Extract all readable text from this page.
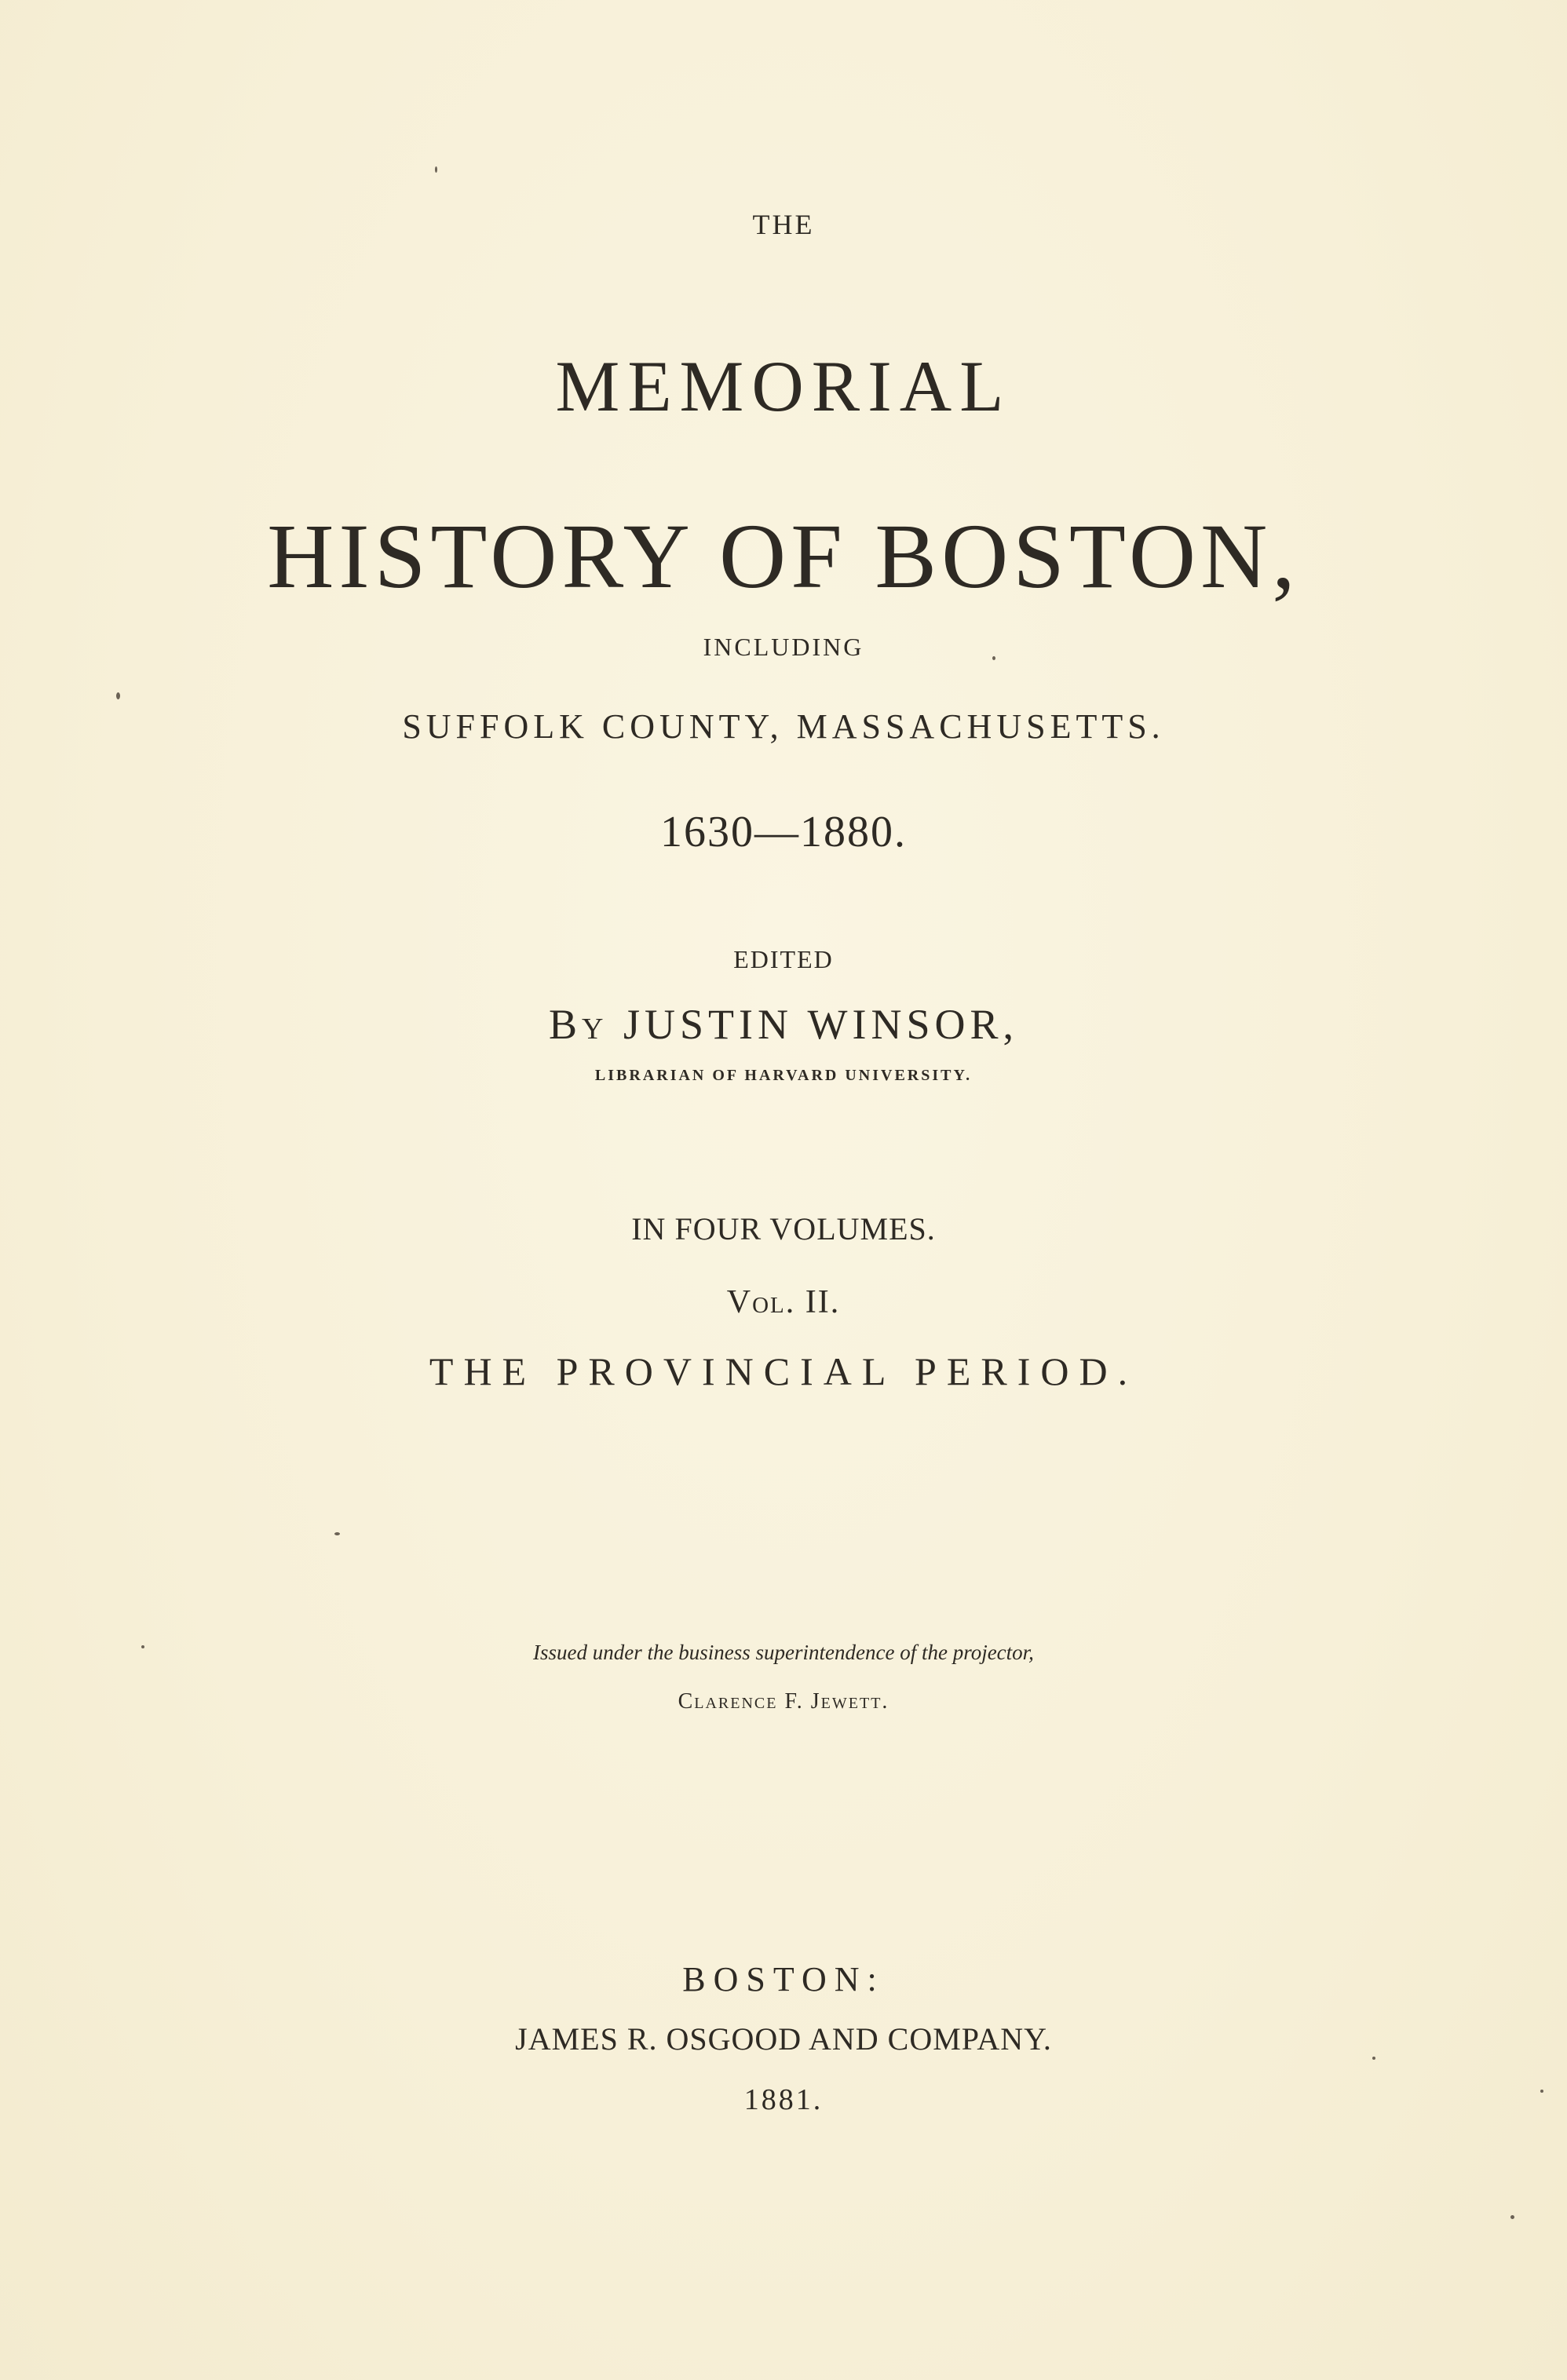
THE
MEMORIAL
HISTORY OF BOSTON,
INCLUDING
SUFFOLK COUNTY, MASSACHUSETTS.
1630—1880.
EDITED
By JUSTIN WINSOR,
LIBRARIAN OF HARVARD UNIVERSITY.
IN FOUR VOLUMES.
Vol. II.
THE PROVINCIAL PERIOD.
Issued under the business superintendence of the projector,
Clarence F. Jewett.
BOSTON:
JAMES R. OSGOOD AND COMPANY.
1881.
